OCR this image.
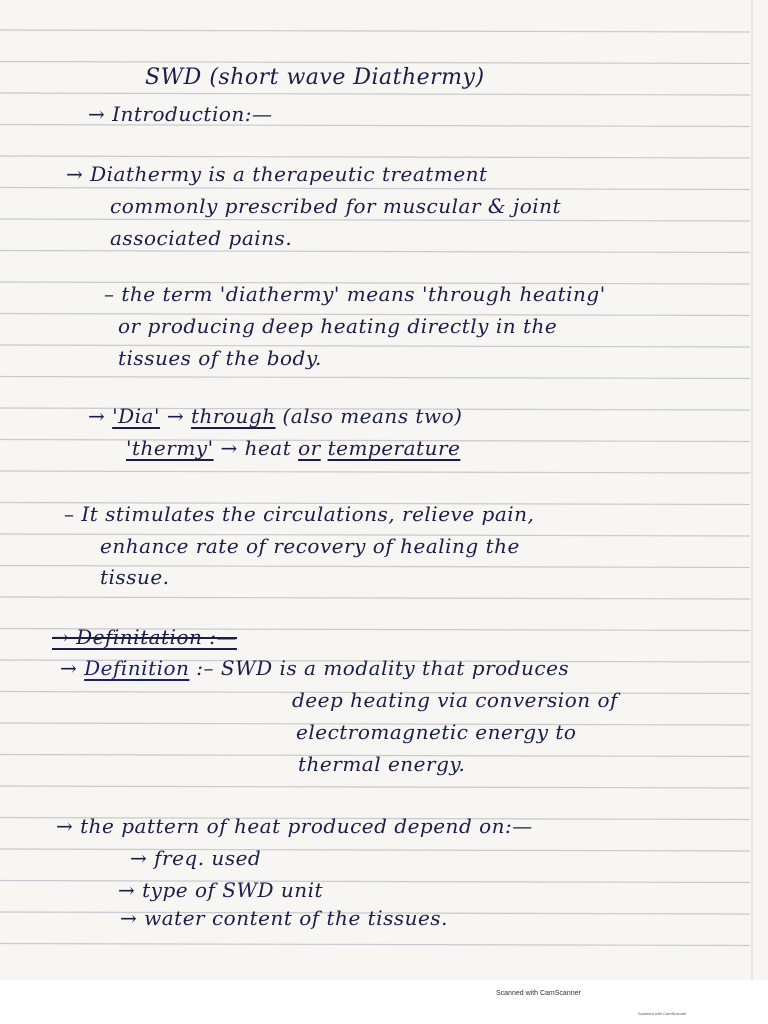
SWD (short wave Diathermy)
→ Introduction:—
→ Diathermy is a therapeutic treatment
commonly prescribed for muscular & joint
associated pains.
– the term 'diathermy' means 'through heating'
or producing deep heating directly in the
tissues of the body.
→ 'Dia' → through (also means two)
'thermy' → heat or temperature
– It stimulates the circulations, relieve pain,
enhance rate of recovery of healing the
tissue.
→ Definitation :—
→ Definition :– SWD is a modality that produces
deep heating via conversion of
electromagnetic energy to
thermal energy.
→ the pattern of heat produced depend on:—
→ freq. used
→ type of SWD unit
→ water content of the tissues.
Scanned with CamScanner
Scanned with CamScanner
